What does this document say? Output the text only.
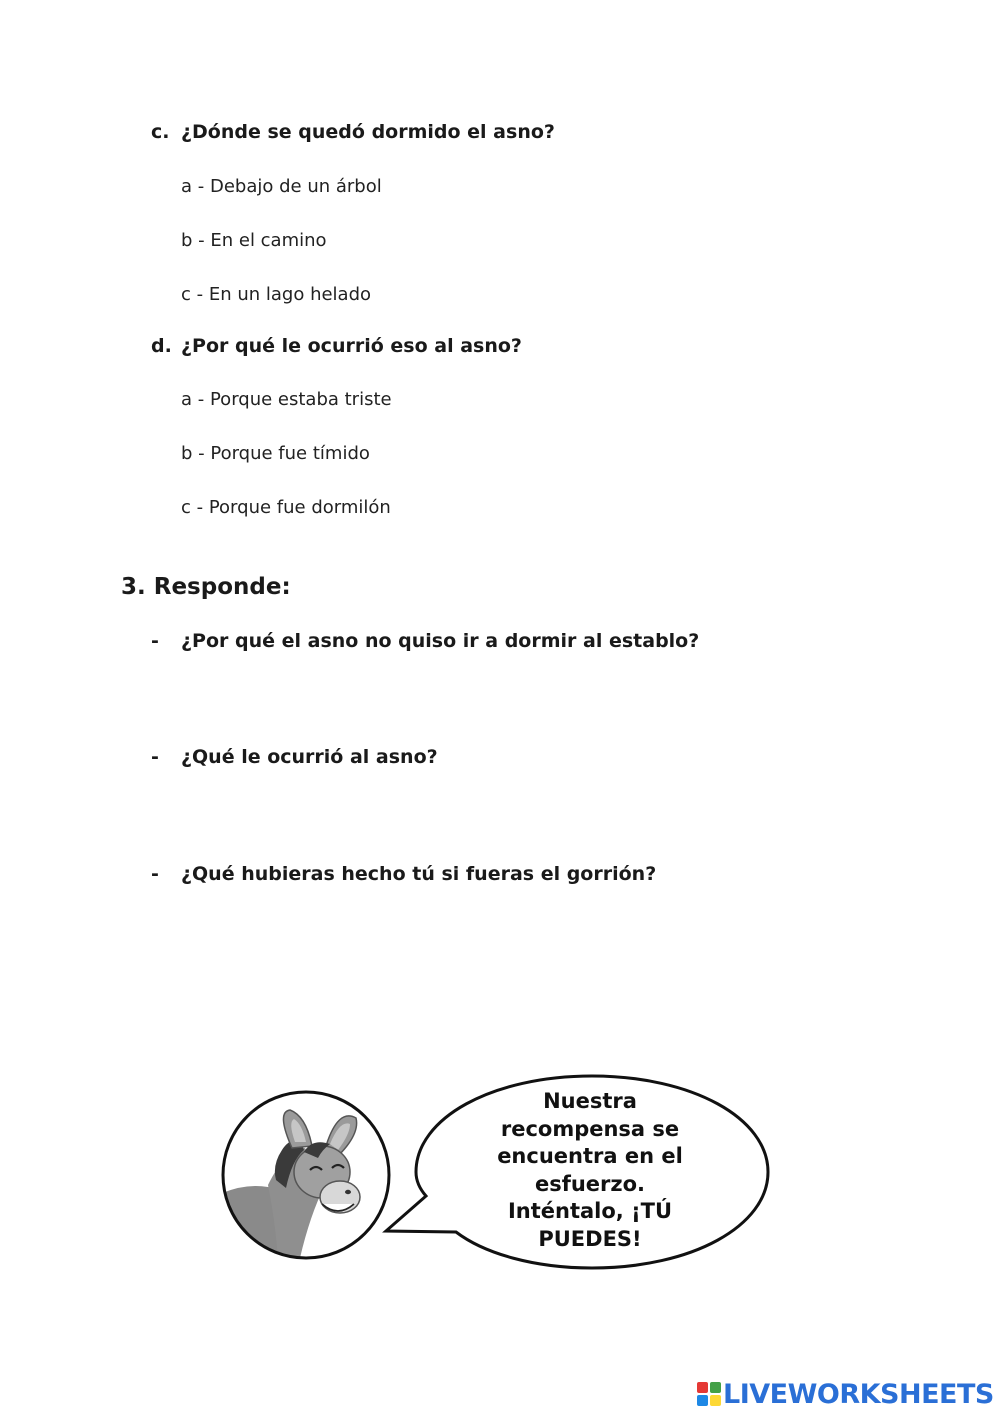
c. ¿Dónde se quedó dormido el asno?
a - Debajo de un árbol
b - En el camino
c - En un lago helado
d. ¿Por qué le ocurrió eso al asno?
a - Porque estaba triste
b - Porque fue tímido
c - Porque fue dormilón
3. Responde:
- ¿Por qué el asno no quiso ir a dormir al establo?
- ¿Qué le ocurrió al asno?
- ¿Qué hubieras hecho tú si fueras el gorrión?
Nuestra
recompensa se
encuentra en el
esfuerzo.
Inténtalo, ¡TÚ
PUEDES!
LIVEWORKSHEETS
